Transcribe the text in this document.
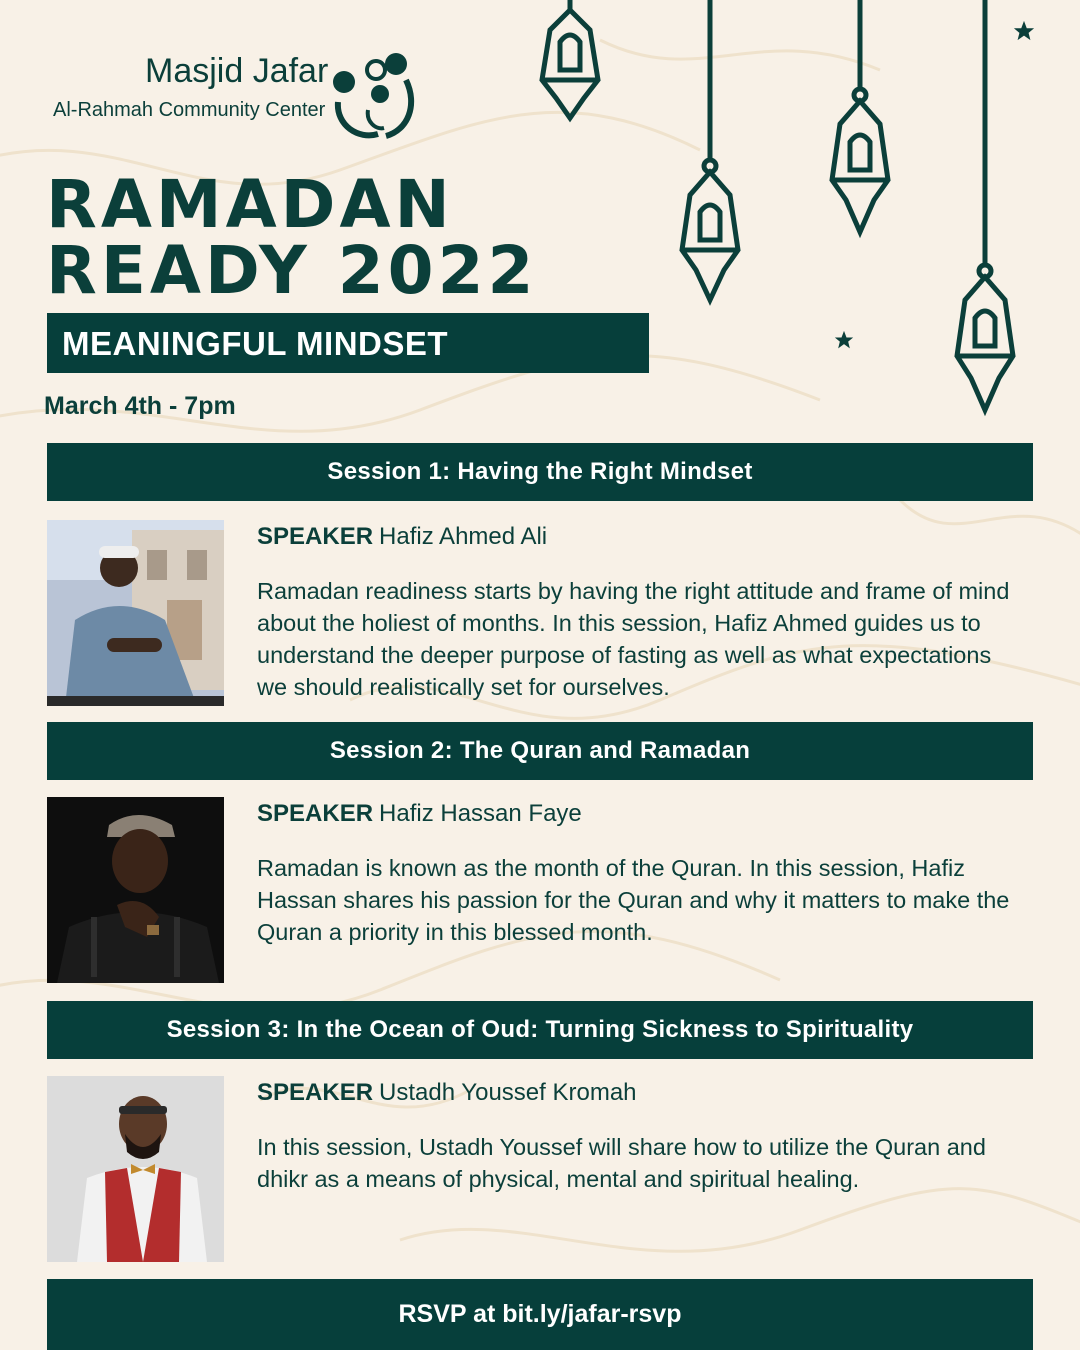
Masjid Jafar
Al-Rahmah Community Center
RAMADAN
READY 2022
MEANINGFUL MINDSET
March 4th - 7pm
Session 1: Having the Right Mindset
SPEAKER Hafiz Ahmed Ali
Ramadan readiness starts by having the right attitude and frame of mind about the holiest of months. In this session, Hafiz Ahmed guides us to understand the deeper purpose of fasting as well as what expectations we should realistically set for ourselves.
Session 2: The Quran and Ramadan
SPEAKER Hafiz Hassan Faye
Ramadan is known as the month of the Quran. In this session, Hafiz Hassan shares his passion for the Quran and why it matters to make the Quran a priority in this blessed month.
Session 3: In the Ocean of Oud: Turning Sickness to Spirituality
SPEAKER Ustadh Youssef Kromah
In this session, Ustadh Youssef will share how to utilize the Quran and dhikr as a means of physical, mental and spiritual healing.
RSVP at bit.ly/jafar-rsvp
